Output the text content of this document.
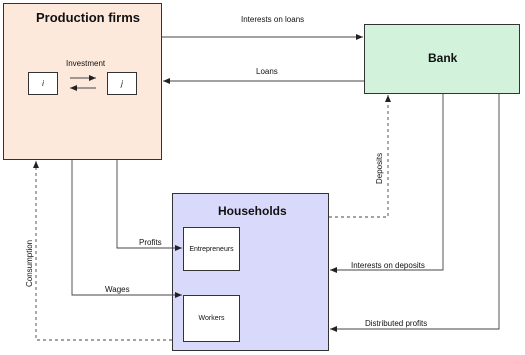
Production firms
Investment
i	j
Bank
Households
Entrepreneurs
Workers
Interests on loans
Loans
Profits
Wages
Interests on deposits
Distributed profits
Deposits
Consumption
